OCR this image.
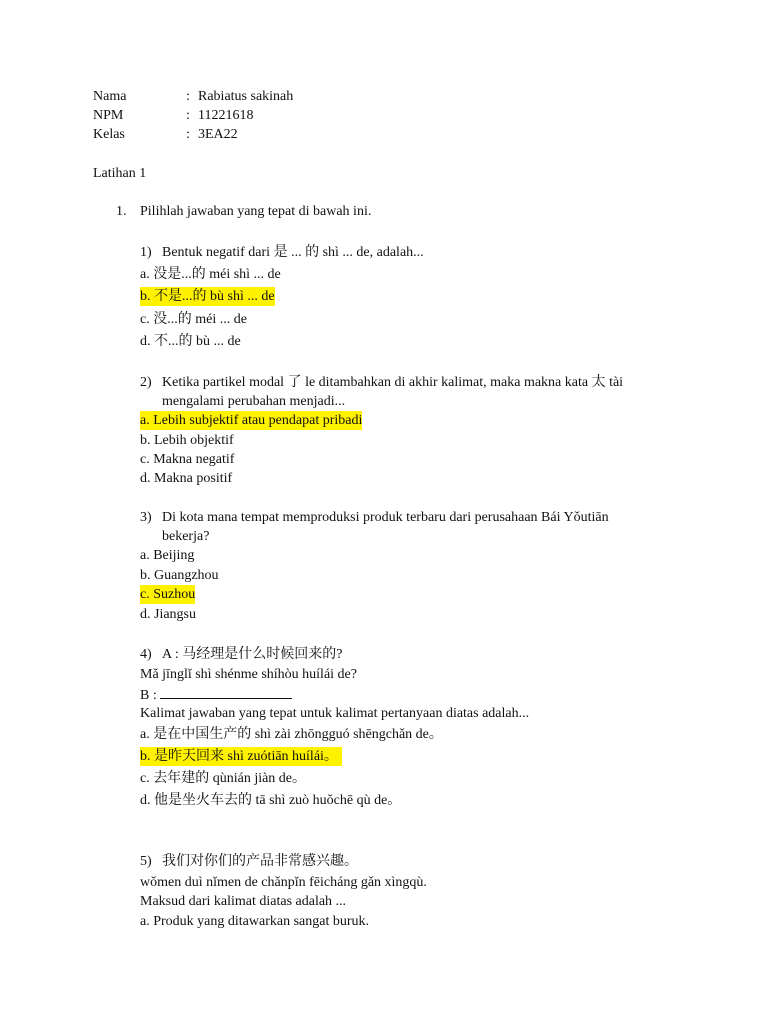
Nama	: Rabiatus sakinah
NPM	: 11221618
Kelas	: 3EA22
Latihan 1
1. Pilihlah jawaban yang tepat di bawah ini.
1) Bentuk negatif dari 是 ... 的 shì ... de, adalah...
a. 没是...的 méi shì ... de
b. 不是...的 bù shì ... de
c. 没...的 méi ... de
d. 不...的 bù ... de
2) Ketika partikel modal 了 le ditambahkan di akhir kalimat, maka makna kata 太 tài
mengalami perubahan menjadi...
a. Lebih subjektif atau pendapat pribadi
b. Lebih objektif
c. Makna negatif
d. Makna positif
3) Di kota mana tempat memproduksi produk terbaru dari perusahaan Bái Yǒutiān
bekerja?
a. Beijing
b. Guangzhou
c. Suzhou
d. Jiangsu
4) A : 马经理是什么时候回来的?
Mǎ jīnglǐ shì shénme shíhòu huílái de?
B :
Kalimat jawaban yang tepat untuk kalimat pertanyaan diatas adalah...
a. 是在中国生产的 shì zài zhōngguó shēngchǎn de。
b. 是昨天回来 shì zuótiān huílái。
c. 去年建的 qùnián jiàn de。
d. 他是坐火车去的 tā shì zuò huǒchē qù de。
5) 我们对你们的产品非常感兴趣。
wǒmen duì nǐmen de chǎnpǐn fēicháng gǎn xìngqù.
Maksud dari kalimat diatas adalah ...
a. Produk yang ditawarkan sangat buruk.
